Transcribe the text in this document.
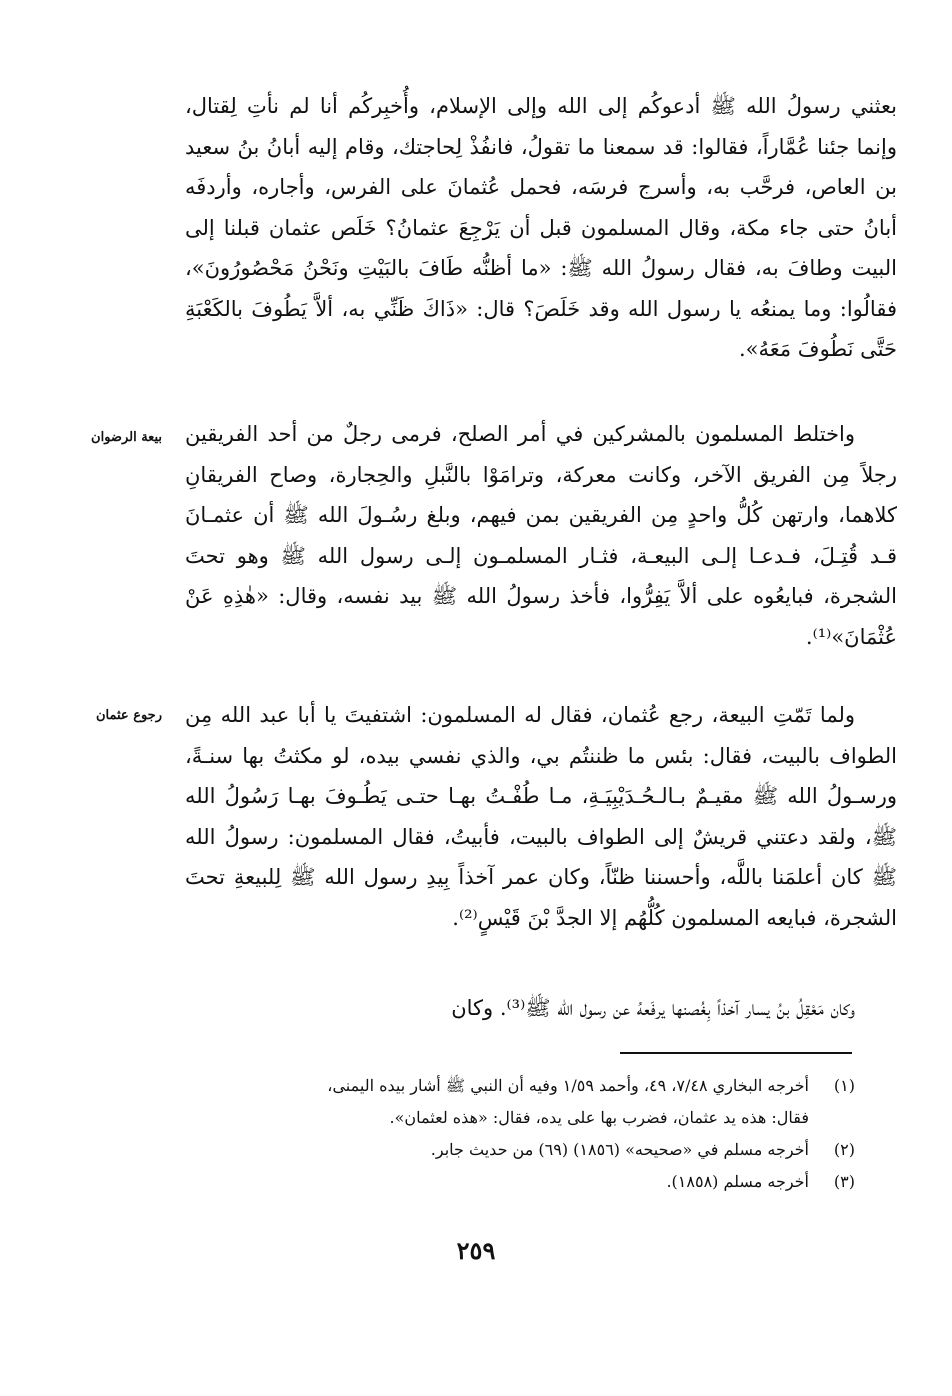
بعثني رسولُ الله ﷺ أدعوكُم إلى الله وإلى الإسلام، وأُخبِركُم أنا لم نأتِ لِقتال، وإنما جئنا عُمَّاراً، فقالوا: قد سمعنا ما تقولُ، فانفُذْ لِحاجتك، وقام إليه أبانُ بنُ سعيد بن العاص، فرحَّب به، وأسرج فرسَه، فحمل عُثمانَ على الفرس، وأجاره، وأردفَه أبانُ حتى جاء مكة، وقال المسلمون قبل أن يَرْجِعَ عثمانُ؟ خَلَص عثمان قبلنا إلى البيت وطافَ به، فقال رسولُ الله ﷺ: «ما أظنُّه طَافَ بالبَيْتِ ونَحْنُ مَحْصُورُونَ»، فقالُوا: وما يمنعُه يا رسول الله وقد خَلَصَ؟ قال: «ذَاكَ ظَنِّي به، ألاَّ يَطُوفَ بالكَعْبَةِ حَتَّى نَطُوفَ مَعَهُ».

بيعة الرضوان واختلط المسلمون بالمشركين في أمر الصلح، فرمى رجلٌ من أحد الفريقين رجلاً مِن الفريق الآخر، وكانت معركة، وترامَوْا بالنَّبلِ والحِجارة، وصاح الفريقانِ كلاهما، وارتهن كُلُّ واحدٍ مِن الفريقين بمن فيهم، وبلغ رسُـولَ الله ﷺ أن عثمـانَ قـد قُتِـلَ، فـدعـا إلـى البيعـة، فثـار المسلمـون إلـى رسول الله ﷺ وهو تحتَ الشجرة، فبايعُوه على ألاَّ يَفِرُّوا، فأخذ رسولُ الله ﷺ بيد نفسه، وقال: «هٰذِهِ عَنْ عُثْمَانَ»⁽¹⁾.

رجوع عثمان ولما تَمّتِ البيعة، رجع عُثمان، فقال له المسلمون: اشتفيتَ يا أبا عبد الله مِن الطواف بالبيت، فقال: بئس ما ظننتُم بي، والذي نفسي بيده، لو مكثتُ بها سنـةً، ورسـولُ الله ﷺ مقيـمٌ بـالـحُـدَيْبِيَـةِ، مـا طُفْـتُ بهـا حتـى يَطُـوفَ بهـا رَسُولُ الله ﷺ، ولقد دعتني قريشٌ إلى الطواف بالبيت، فأبيتُ، فقال المسلمون: رسولُ الله ﷺ كان أعلمَنا باللَّه، وأحسننا ظنّاً، وكان عمر آخذاً بِيدِ رسول الله ﷺ لِلبيعةِ تحتَ الشجرة، فبايعه المسلمون كُلُّهُم إلا الجدَّ بْنَ قَيْسٍ⁽²⁾.

وكان مَعْقِلُ بنُ يسار آخذاً بِغُصنها يرفَعهُ عن رسول الله ﷺ⁽³⁾. وكان

(١)
أخرجه البخاري ٧/٤٨، ٤٩، وأحمد ١/٥٩ وفيه أن النبي ﷺ أشار بيده اليمنى،
فقال: هذه يد عثمان، فضرب بها على يده، فقال: «هذه لعثمان».
(٢)
أخرجه مسلم في «صحيحه» (١٨٥٦) (٦٩) من حديث جابر.
(٣)
أخرجه مسلم (١٨٥٨).
٢٥٩
